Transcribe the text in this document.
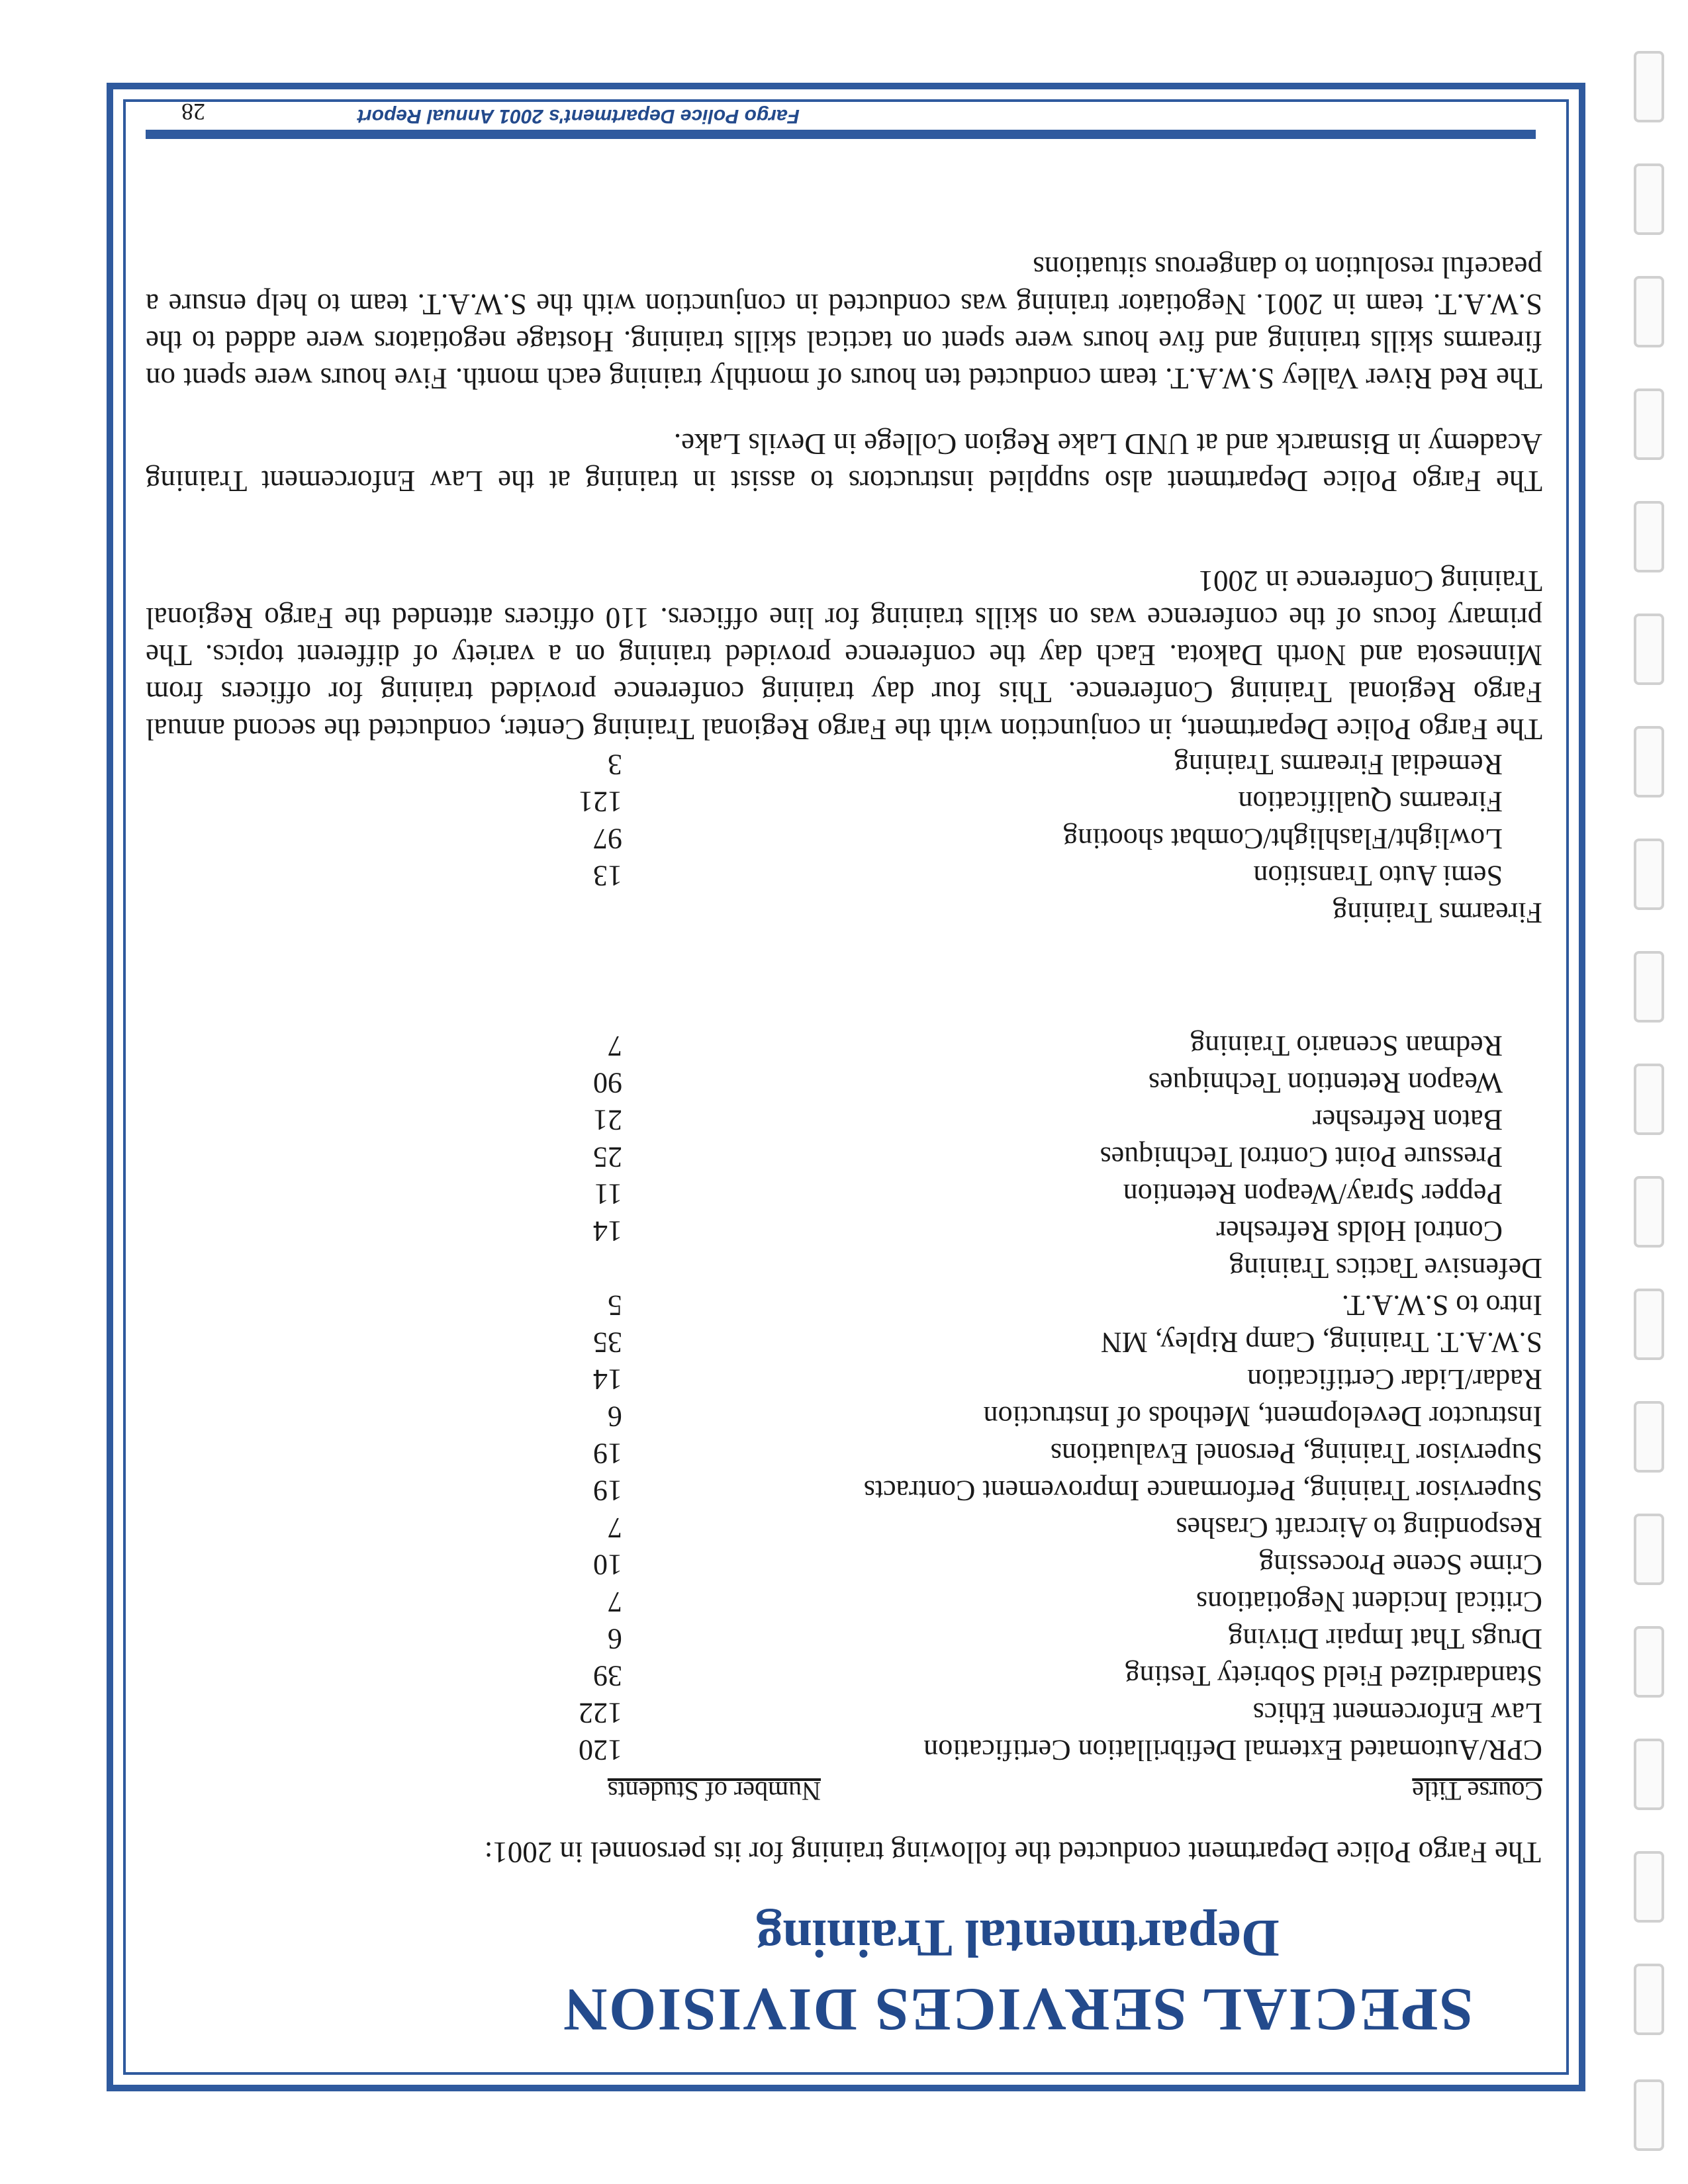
SPECIAL SERVICES DIVISION
Departmental Training
The Fargo Police Department conducted the following training for its personnel in 2001:
Course Title
Number of Students
CPR/Automated External Defibrillation Certification
120
Law Enforcement Ethics
122
Standardized Field Sobriety Testing
39
Drugs That Impair Driving
6
Critical Incident Negotiations
7
Crime Scene Processing
10
Responding to Aircraft Crashes
7
Supervisor Training, Performance Improvement Contracts
19
Supervisor Training, Personel Evaluations
19
Instructor Development, Methods of Instruction
6
Radar/Lidar Certification
14
S.W.A.T. Training, Camp Ripley, MN
35
Intro to S.W.A.T.
5
Defensive Tactics Training
Control Holds Refresher
14
Pepper Spray/Weapon Retention
11
Pressure Point Control Techniques
25
Baton Refresher
21
Weapon Retention Techniques
90
Redman Scenario Training
7
Firearms Training
Semi Auto Transition
13
Lowlight/Flashlight/Combat shooting
97
Firearms Qualification
121
Remedial Firearms Training
3

The Fargo Police Department, in conjunction with the Fargo Regional Training Center, conducted the second annual Fargo Regional Training Conference. This four day training conference provided training for officers from Minnesota and North Dakota. Each day the conference provided training on a variety of different topics. The primary focus of the conference was on skills training for line officers. 110 officers attended the Fargo Regional Training Conference in 2001

The Fargo Police Department also supplied instructors to assist in training at the Law Enforcement Training Academy in Bismarck and at UND Lake Region College in Devils Lake.

The Red River Valley S.W.A.T. team conducted ten hours of monthly training each month. Five hours were spent on firearms skills training and five hours were spent on tactical skills training. Hostage negotiators were added to the S.W.A.T. team in 2001. Negotiator training was conducted in conjunction with the S.W.A.T. team to help ensure a peaceful resolution to dangerous situations

Fargo Police Department's 2001 Annual Report
28
